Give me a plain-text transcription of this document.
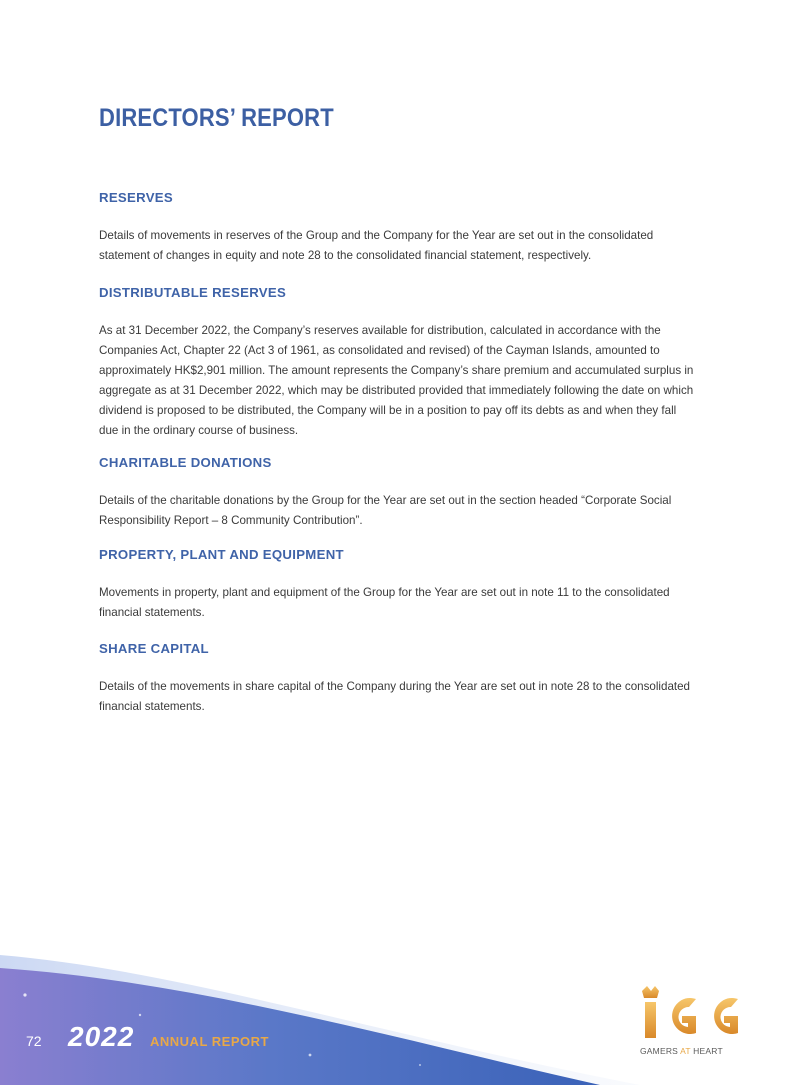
DIRECTORS’ REPORT
RESERVES

Details of movements in reserves of the Group and the Company for the Year are set out in the consolidated
statement of changes in equity and note 28 to the consolidated financial statement, respectively.

DISTRIBUTABLE RESERVES

As at 31 December 2022, the Company’s reserves available for distribution, calculated in accordance with the
Companies Act, Chapter 22 (Act 3 of 1961, as consolidated and revised) of the Cayman Islands, amounted to
approximately HK$2,901 million. The amount represents the Company’s share premium and accumulated surplus in
aggregate as at 31 December 2022, which may be distributed provided that immediately following the date on which
dividend is proposed to be distributed, the Company will be in a position to pay off its debts as and when they fall
due in the ordinary course of business.

CHARITABLE DONATIONS

Details of the charitable donations by the Group for the Year are set out in the section headed “Corporate Social
Responsibility Report – 8 Community Contribution”.

PROPERTY, PLANT AND EQUIPMENT

Movements in property, plant and equipment of the Group for the Year are set out in note 11 to the consolidated
financial statements.

SHARE CAPITAL

Details of the movements in share capital of the Company during the Year are set out in note 28 to the consolidated
financial statements.

72 2022 ANNUAL REPORT
GAMERS AT HEART
